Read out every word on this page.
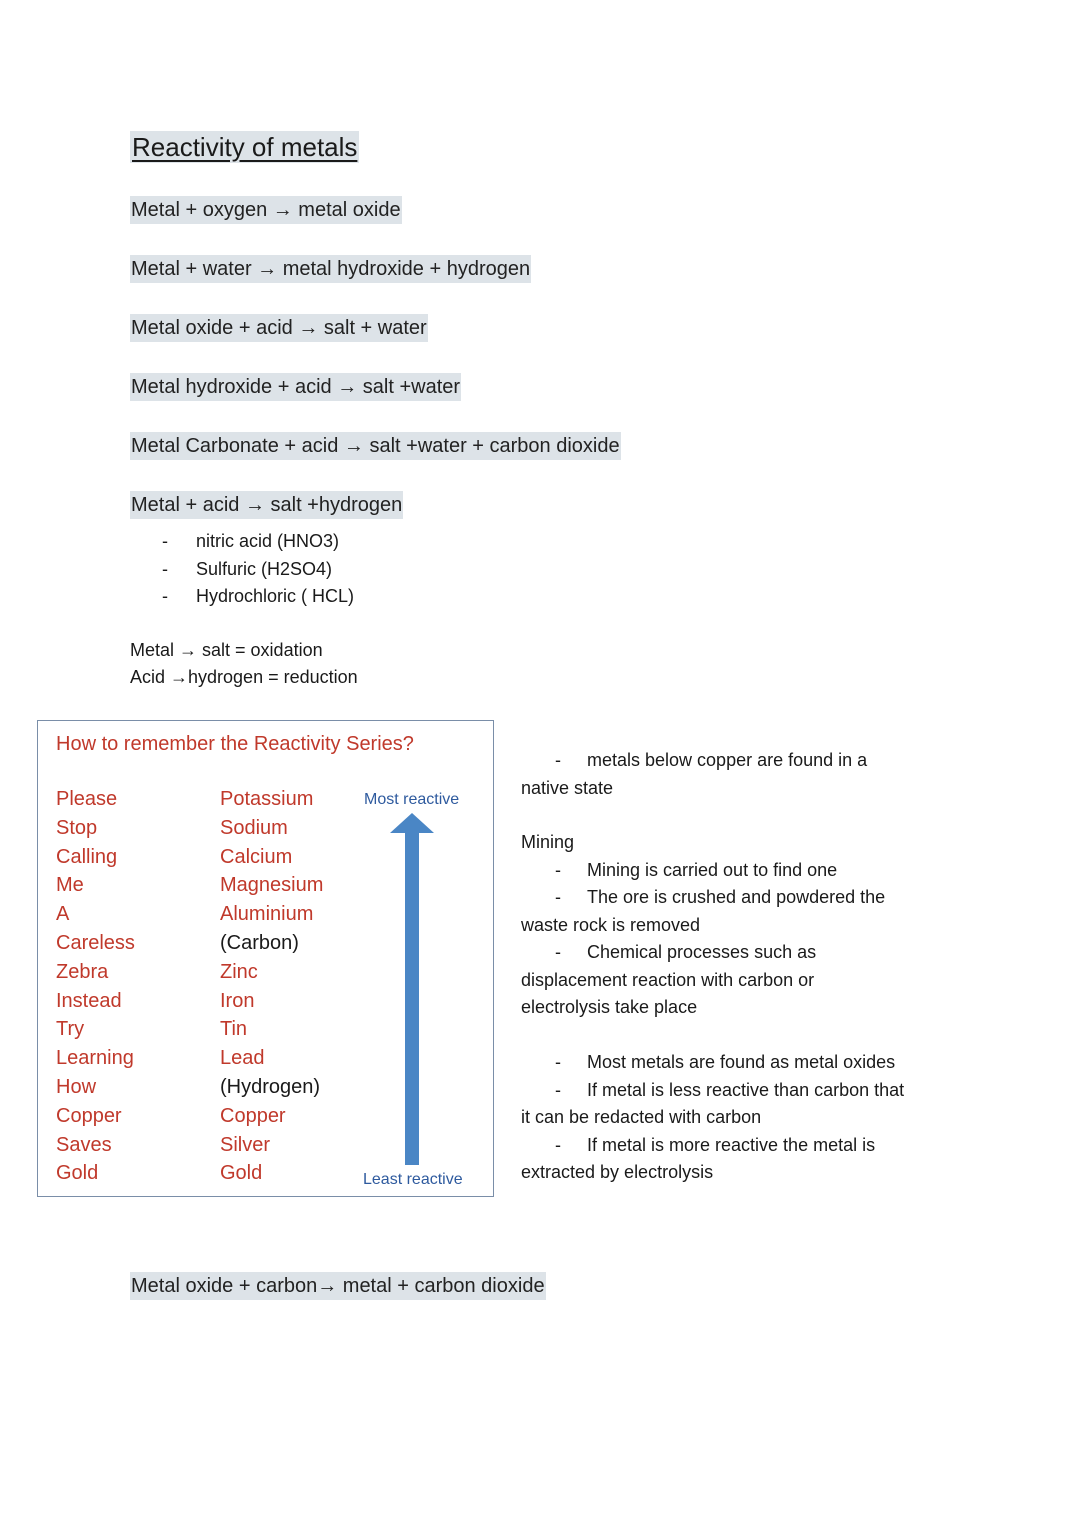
Reactivity of metals
Metal + oxygen → metal oxide
Metal + water → metal hydroxide + hydrogen
Metal oxide + acid → salt + water
Metal hydroxide + acid → salt +water
Metal Carbonate + acid → salt +water + carbon dioxide
Metal + acid → salt +hydrogen
- nitric acid (HNO3)
- Sulfuric (H2SO4)
- Hydrochloric ( HCL)
Metal → salt = oxidation
Acid →hydrogen = reduction
How to remember the Reactivity Series?
Please
Stop
Calling
Me
A
Careless
Zebra
Instead
Try
Learning
How
Copper
Saves
Gold
Potassium
Sodium
Calcium
Magnesium
Aluminium
(Carbon)
Zinc
Iron
Tin
Lead
(Hydrogen)
Copper
Silver
Gold
Most reactive
Least reactive

- metals below copper are found in a

native state

Mining

- Mining is carried out to find one

- The ore is crushed and powdered the

waste rock is removed

- Chemical processes such as

displacement reaction with carbon or

electrolysis take place

- Most metals are found as metal oxides

- If metal is less reactive than carbon that

it can be redacted with carbon

- If metal is more reactive the metal is

extracted by electrolysis

Metal oxide + carbon→ metal + carbon dioxide
